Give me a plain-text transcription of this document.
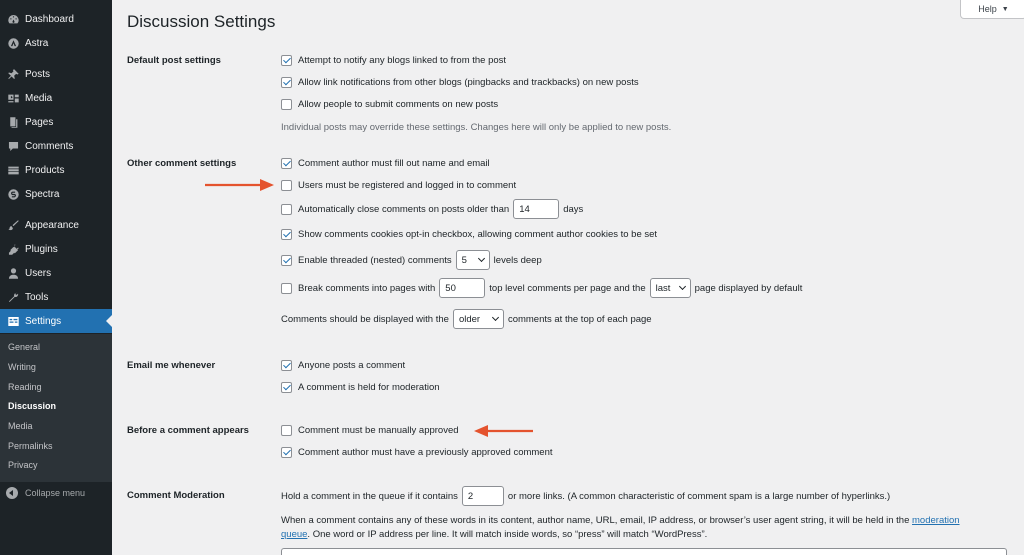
Dashboard
Astra
Posts
Media
Pages
Comments
Products
Spectra
Appearance
Plugins
Users
Tools
Settings
General
Writing
Reading
Discussion
Media
Permalinks
Privacy
Collapse menu
Help ▼
Discussion Settings
Default post settings	Attempt to notify any blogs linked to from the post
Allow link notifications from other blogs (pingbacks and trackbacks) on new posts
Allow people to submit comments on new posts
Individual posts may override these settings. Changes here will only be applied to new posts.
Other comment settings	Comment author must fill out name and email
Users must be registered and logged in to comment
Automatically close comments on posts older than	14	days
Show comments cookies opt-in checkbox, allowing comment author cookies to be set
Enable threaded (nested) comments 5	levels deep
Break comments into pages with	50	top level comments per page and the last	page displayed by default
Comments should be displayed with the older	comments at the top of each page
Email me whenever	Anyone posts a comment
A comment is held for moderation
Before a comment appears	Comment must be manually approved
Comment author must have a previously approved comment
Comment Moderation	Hold a comment in the queue if it contains	2	or more links. (A common characteristic of comment spam is a large number of hyperlinks.)
When a comment contains any of these words in its content, author name, URL, email, IP address, or browser’s user agent string, it will be held in the moderation
queue. One word or IP address per line. It will match inside words, so “press” will match “WordPress”.
